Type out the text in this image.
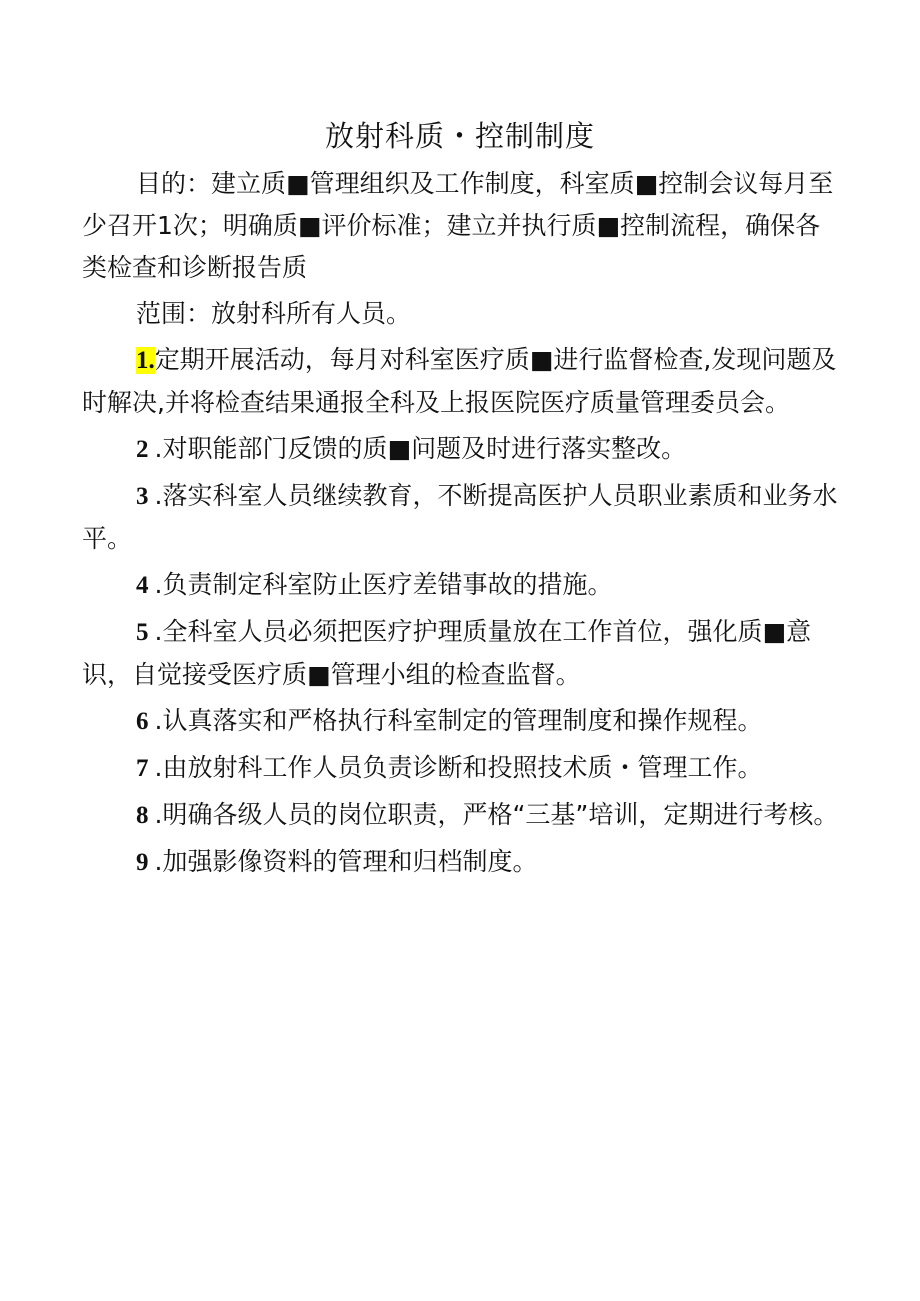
放射科质・控制制度

目的：建立质■管理组织及工作制度，科室质■控制会议每月至少召开1次；明确质■评价标准；建立并执行质■控制流程，确保各类检查和诊断报告质

范围：放射科所有人员。

1.定期开展活动，每月对科室医疗质■进行监督检查,发现问题及时解决,并将检查结果通报全科及上报医院医疗质量管理委员会。

2 .对职能部门反馈的质■问题及时进行落实整改。

3 .落实科室人员继续教育，不断提高医护人员职业素质和业务水平。

4 .负责制定科室防止医疗差错事故的措施。

5 .全科室人员必须把医疗护理质量放在工作首位，强化质■意识，自觉接受医疗质■管理小组的检查监督。

6 .认真落实和严格执行科室制定的管理制度和操作规程。

7 .由放射科工作人员负责诊断和投照技术质・管理工作。

8 .明确各级人员的岗位职责，严格“三基”培训，定期进行考核。

9 .加强影像资料的管理和归档制度。
